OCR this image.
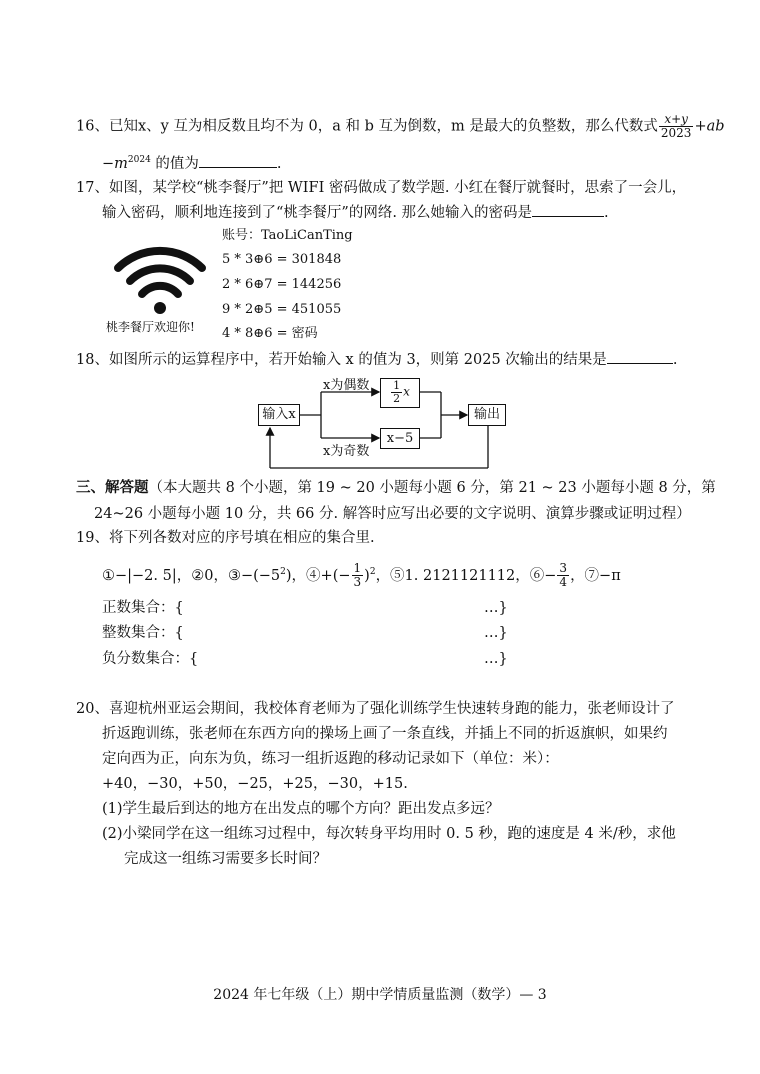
16、已知x、y 互为相反数且均不为 0，a 和 b 互为倒数，m 是最大的负整数，那么代数式 $\frac{x+y}{2023} +ab$
$-m^{2024}$ 的值为	.
17、如图，某学校“桃李餐厅”把 WIFI 密码做成了数学题. 小红在餐厅就餐时，思索了一会儿，
输入密码，顺利地连接到了“桃李餐厅”的网络. 那么她输入的密码是	.
桃李餐厅欢迎你!
账号：TaoLiCanTing
5 * 3⊕6 = 301848
2 * 6⊕7 = 144256
9 * 2⊕5 = 451055
4 * 8⊕6 = 密码
18、如图所示的运算程序中，若开始输入 x 的值为 3，则第 2025 次输出的结果是	.
输入x
x为偶数
x为奇数
$\frac{1}{2}$ x
x−5
输出
三、解答题（本大题共 8 个小题，第 19 ~ 20 小题每小题 6 分，第 21 ~ 23 小题每小题 8 分，第
24~26 小题每小题 10 分，共 66 分. 解答时应写出必要的文字说明、演算步骤或证明过程）
19、将下列各数对应的序号填在相应的集合里.
①−|−2. 5|，②0，$③-(-5^2)$，④+(− $\frac{1}{3} )^2$，⑤1. 2121121112，⑥− $\frac{3}{4}$ ，⑦−π
正数集合：{	…}
整数集合：{	…}
负分数集合：{	…}
20、喜迎杭州亚运会期间，我校体育老师为了强化训练学生快速转身跑的能力，张老师设计了
折返跑训练，张老师在东西方向的操场上画了一条直线，并插上不同的折返旗帜，如果约
定向西为正，向东为负，练习一组折返跑的移动记录如下（单位：米）：
+40，−30，+50，−25，+25，−30，+15.
(1)学生最后到达的地方在出发点的哪个方向？距出发点多远？
(2)小梁同学在这一组练习过程中，每次转身平均用时 0. 5 秒，跑的速度是 4 米/秒，求他
完成这一组练习需要多长时间？
2024 年七年级（上）期中学情质量监测（数学）— 3
